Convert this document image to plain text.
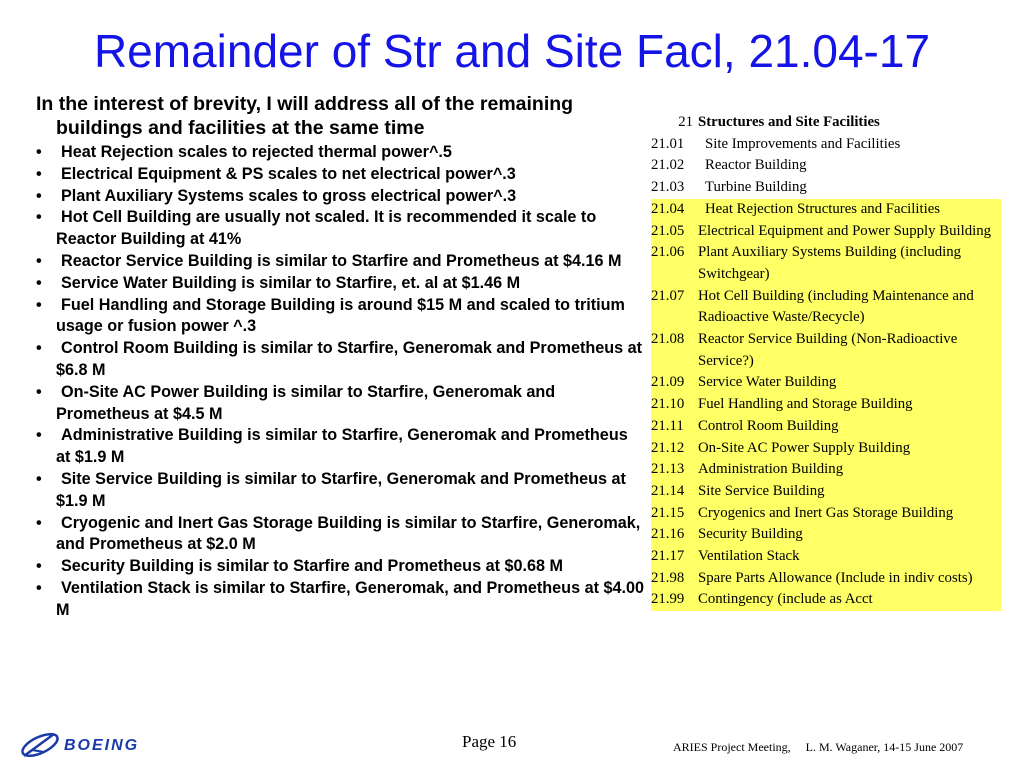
Remainder of Str and Site Facl, 21.04-17
In the interest of brevity, I will address all of the remaining buildings and facilities at the same time
• Heat Rejection scales to rejected thermal power^.5
• Electrical Equipment & PS scales to net electrical power^.3
• Plant Auxiliary Systems scales to gross electrical power^.3
• Hot Cell Building are usually not scaled. It is recommended it scale to Reactor Building at 41%
• Reactor Service Building is similar to Starfire and Prometheus at $4.16 M
• Service Water Building is similar to Starfire, et. al at $1.46 M
• Fuel Handling and Storage Building is around $15 M and scaled to tritium usage or fusion power ^.3
• Control Room Building is similar to Starfire, Generomak and Prometheus at $6.8 M
• On-Site AC Power Building is similar to Starfire, Generomak and Prometheus at $4.5 M
• Administrative Building is similar to Starfire, Generomak and Prometheus at $1.9 M
• Site Service Building is similar to Starfire, Generomak and Prometheus at $1.9 M
• Cryogenic and Inert Gas Storage Building is similar to Starfire, Generomak, and Prometheus at $2.0 M
• Security Building is similar to Starfire and Prometheus at $0.68 M
• Ventilation Stack is similar to Starfire, Generomak, and Prometheus at $4.00 M
21 Structures and Site Facilities
21.01	Site Improvements and Facilities
21.02	Reactor Building
21.03	Turbine Building
21.04	Heat Rejection Structures and Facilities
21.05 Electrical Equipment and Power Supply Building
21.06 Plant Auxiliary Systems Building (including Switchgear)
21.07 Hot Cell Building (including Maintenance and Radioactive Waste/Recycle)
21.08 Reactor Service Building (Non-Radioactive Service?)
21.09 Service Water Building
21.10 Fuel Handling and Storage Building
21.11 Control Room Building
21.12 On-Site AC Power Supply Building
21.13 Administration Building
21.14 Site Service Building
21.15 Cryogenics and Inert Gas Storage Building
21.16 Security Building
21.17 Ventilation Stack
21.98 Spare Parts Allowance (Include in indiv costs)
21.99 Contingency (include as Acct
BOEING	Page 16	ARIES Project Meeting,     L. M. Waganer, 14-15 June 2007
